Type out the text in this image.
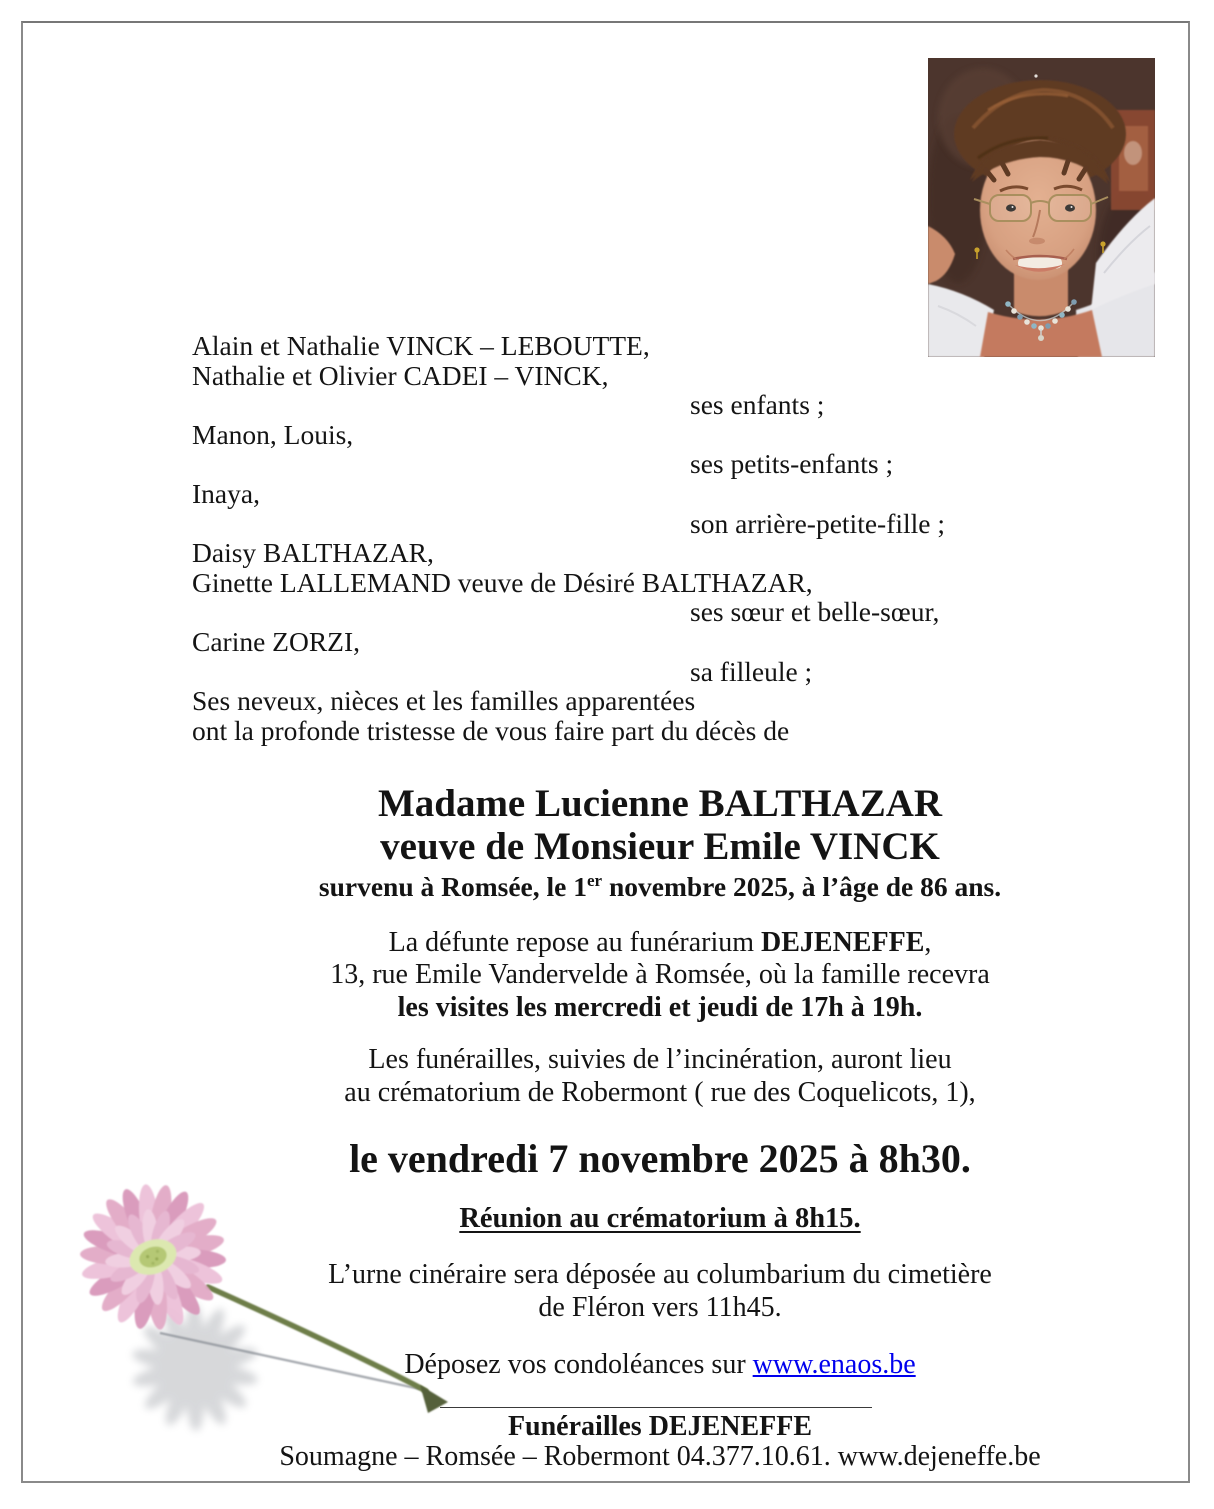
Alain et Nathalie VINCK – LEBOUTTE,
Nathalie et Olivier CADEI – VINCK,
ses enfants ;
Manon, Louis,
ses petits-enfants ;
Inaya,
son arrière-petite-fille ;
Daisy BALTHAZAR,
Ginette LALLEMAND veuve de Désiré BALTHAZAR,
ses sœur et belle-sœur,
Carine ZORZI,
sa filleule ;
Ses neveux, nièces et les familles apparentées
ont la profonde tristesse de vous faire part du décès de
Madame Lucienne BALTHAZAR
veuve de Monsieur Emile VINCK
survenu à Romsée, le 1er novembre 2025, à l’âge de 86 ans.
La défunte repose au funérarium DEJENEFFE,
13, rue Emile Vandervelde à Romsée, où la famille recevra
les visites les mercredi et jeudi de 17h à 19h.
Les funérailles, suivies de l’incinération, auront lieu
au crématorium de Robermont ( rue des Coquelicots, 1),
le vendredi 7 novembre 2025 à 8h30.
Réunion au crématorium à 8h15.
L’urne cinéraire sera déposée au columbarium du cimetière
de Fléron vers 11h45.
Déposez vos condoléances sur www.enaos.be
Funérailles DEJENEFFE
Soumagne – Romsée – Robermont 04.377.10.61. www.dejeneffe.be
